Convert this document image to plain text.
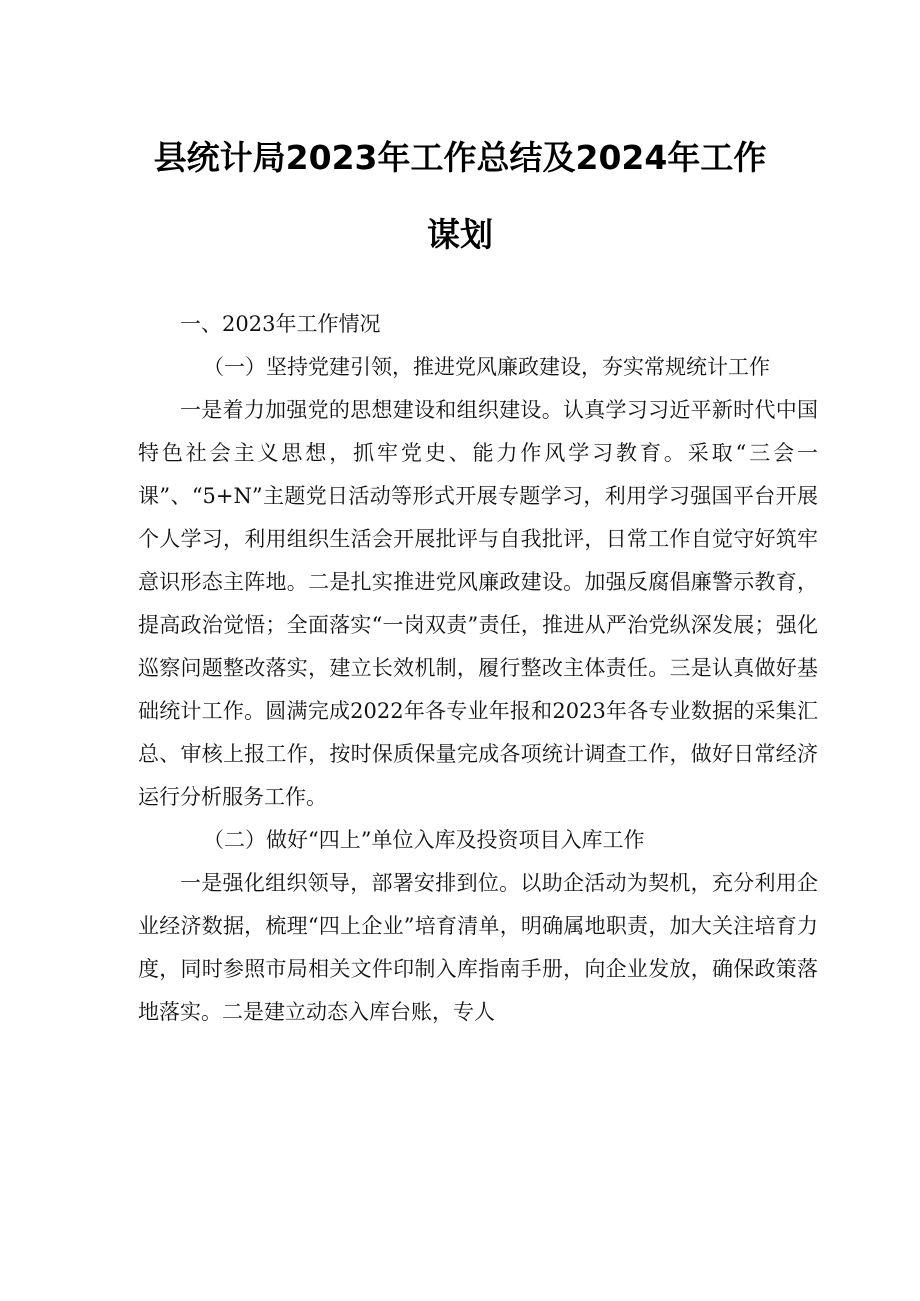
县统计局2023年工作总结及2024年工作
谋划

一、2023年工作情况

（一）坚持党建引领，推进党风廉政建设，夯实常规统计工作

一是着力加强党的思想建设和组织建设。认真学习习近平新时代中国特色社会主义思想，抓牢党史、能力作风学习教育。采取“三会一课”、“5+N”主题党日活动等形式开展专题学习，利用学习强国平台开展个人学习，利用组织生活会开展批评与自我批评，日常工作自觉守好筑牢意识形态主阵地。二是扎实推进党风廉政建设。加强反腐倡廉警示教育，提高政治觉悟；全面落实“一岗双责”责任，推进从严治党纵深发展；强化巡察问题整改落实，建立长效机制，履行整改主体责任。三是认真做好基础统计工作。圆满完成2022年各专业年报和2023年各专业数据的采集汇总、审核上报工作，按时保质保量完成各项统计调查工作，做好日常经济运行分析服务工作。

（二）做好“四上”单位入库及投资项目入库工作

一是强化组织领导，部署安排到位。以助企活动为契机，充分利用企业经济数据，梳理“四上企业”培育清单，明确属地职责，加大关注培育力度，同时参照市局相关文件印制入库指南手册，向企业发放，确保政策落地落实。二是建立动态入库台账，专人
